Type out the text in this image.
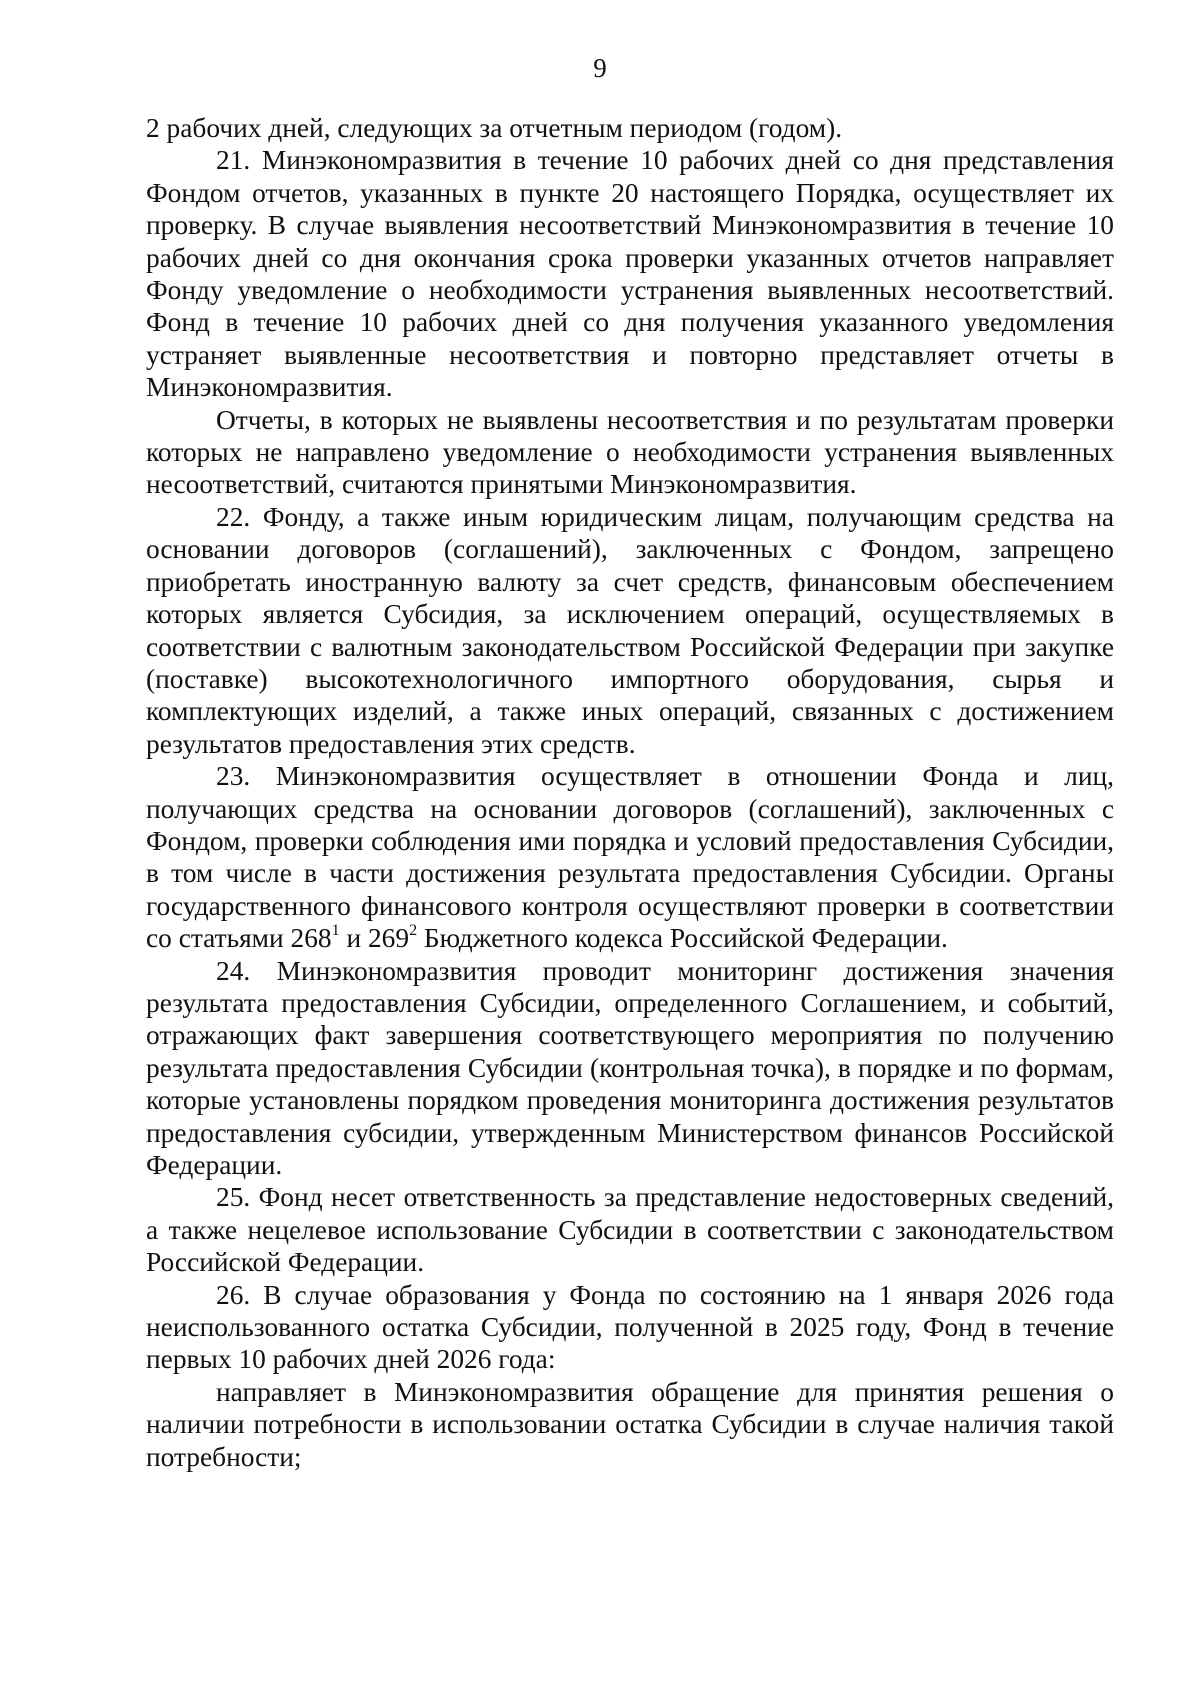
9

2 рабочих дней, следующих за отчетным периодом (годом).

21. Минэкономразвития в течение 10 рабочих дней со дня представления Фондом отчетов, указанных в пункте 20 настоящего Порядка, осуществляет их проверку. В случае выявления несоответствий Минэкономразвития в течение 10 рабочих дней со дня окончания срока проверки указанных отчетов направляет Фонду уведомление о необходимости устранения выявленных несоответствий. Фонд в течение 10 рабочих дней со дня получения указанного уведомления устраняет выявленные несоответствия и повторно представляет отчеты в Минэкономразвития.

Отчеты, в которых не выявлены несоответствия и по результатам проверки которых не направлено уведомление о необходимости устранения выявленных несоответствий, считаются принятыми Минэкономразвития.

22. Фонду, а также иным юридическим лицам, получающим средства на основании договоров (соглашений), заключенных с Фондом, запрещено приобретать иностранную валюту за счет средств, финансовым обеспечением которых является Субсидия, за исключением операций, осуществляемых в соответствии с валютным законодательством Российской Федерации при закупке (поставке) высокотехнологичного импортного оборудования, сырья и комплектующих изделий, а также иных операций, связанных с достижением результатов предоставления этих средств.

23. Минэкономразвития осуществляет в отношении Фонда и лиц, получающих средства на основании договоров (соглашений), заключенных с Фондом, проверки соблюдения ими порядка и условий предоставления Субсидии, в том числе в части достижения результата предоставления Субсидии. Органы государственного финансового контроля осуществляют проверки в соответствии со статьями $268^1$ и $269^2$ Бюджетного кодекса Российской Федерации.

24. Минэкономразвития проводит мониторинг достижения значения результата предоставления Субсидии, определенного Соглашением, и событий, отражающих факт завершения соответствующего мероприятия по получению результата предоставления Субсидии (контрольная точка), в порядке и по формам, которые установлены порядком проведения мониторинга достижения результатов предоставления субсидии, утвержденным Министерством финансов Российской Федерации.

25. Фонд несет ответственность за представление недостоверных сведений, а также нецелевое использование Субсидии в соответствии с законодательством Российской Федерации.

26. В случае образования у Фонда по состоянию на 1 января 2026 года неиспользованного остатка Субсидии, полученной в 2025 году, Фонд в течение первых 10 рабочих дней 2026 года:

направляет в Минэкономразвития обращение для принятия решения о наличии потребности в использовании остатка Субсидии в случае наличия такой потребности;
